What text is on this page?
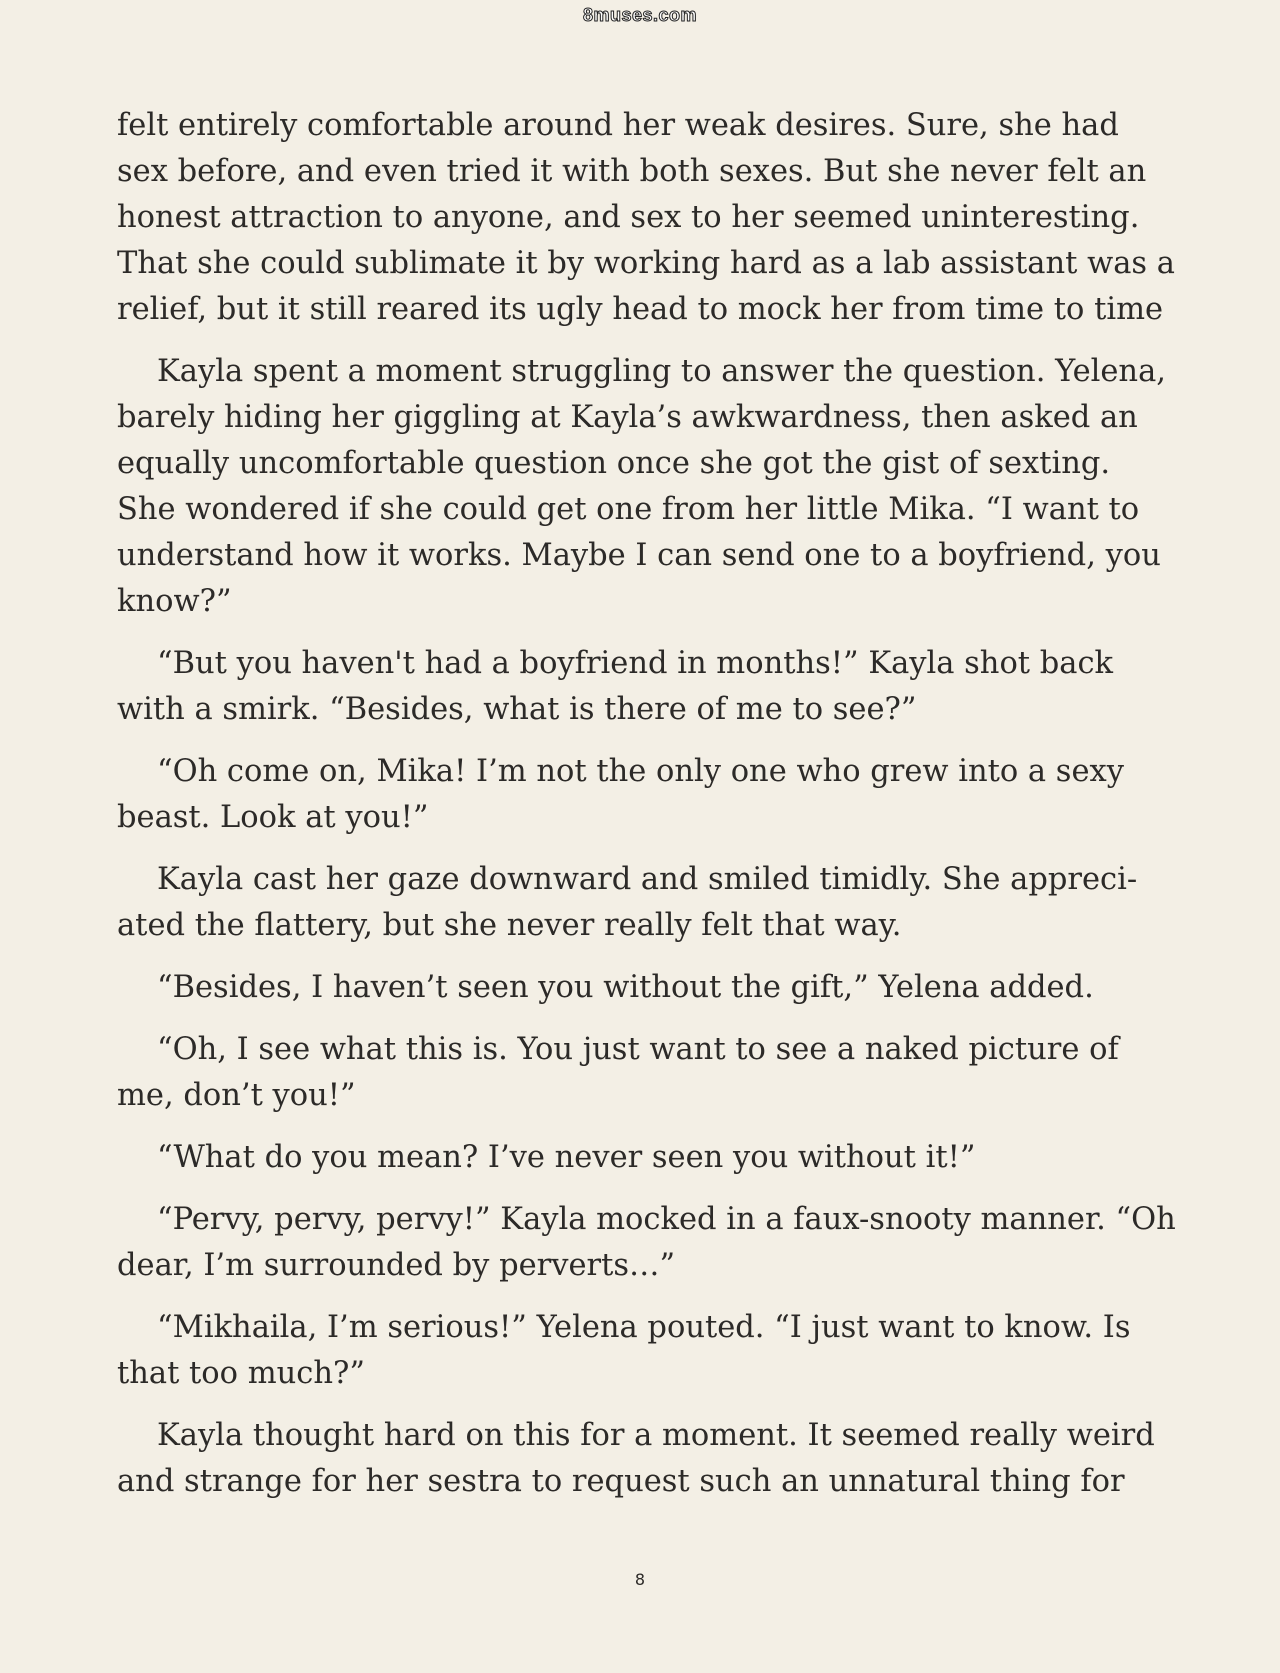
8muses.com

felt entirely comfortable around her weak desires. Sure, she had sex before, and even tried it with both sexes. But she never felt an honest attraction to anyone, and sex to her seemed uninteresting. That she could sublimate it by working hard as a lab assistant was a relief, but it still reared its ugly head to mock her from time to time

Kayla spent a moment struggling to answer the question. Yelena, barely hiding her giggling at Kayla’s awkwardness, then asked an equally uncomfortable question once she got the gist of sexting. She wondered if she could get one from her little Mika. “I want to understand how it works. Maybe I can send one to a boyfriend, you know?”

“But you haven't had a boyfriend in months!” Kayla shot back with a smirk. “Besides, what is there of me to see?”

“Oh come on, Mika! I’m not the only one who grew into a sexy beast. Look at you!”

Kayla cast her gaze downward and smiled timidly. She appreciated the flattery, but she never really felt that way.

“Besides, I haven’t seen you without the gift,” Yelena added.

“Oh, I see what this is. You just want to see a naked picture of me, don’t you!”

“What do you mean? I’ve never seen you without it!”

“Pervy, pervy, pervy!” Kayla mocked in a faux-snooty manner. “Oh dear, I’m surrounded by perverts…”

“Mikhaila, I’m serious!” Yelena pouted. “I just want to know. Is that too much?”

Kayla thought hard on this for a moment. It seemed really weird and strange for her sestra to request such an unnatural thing for

8
